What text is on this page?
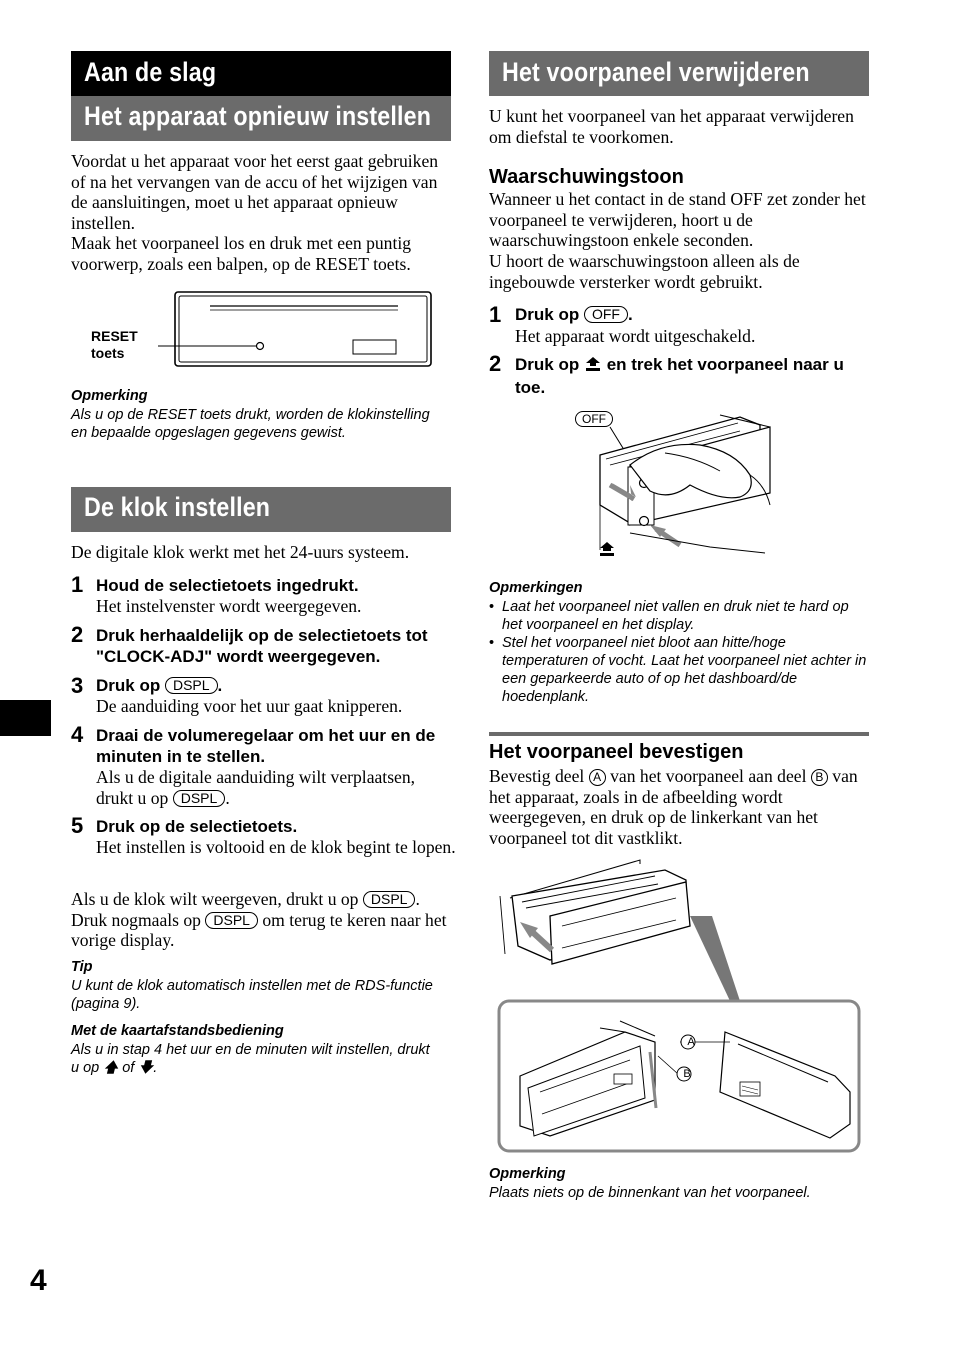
Aan de slag
Het apparaat opnieuw instellen
Voordat u het apparaat voor het eerst gaat gebruiken of na het vervangen van de accu of het wijzigen van de aansluitingen, moet u het apparaat opnieuw instellen.
Maak het voorpaneel los en druk met een puntig voorwerp, zoals een balpen, op de RESET toets.
RESET
toets
Opmerking
Als u op de RESET toets drukt, worden de klokinstelling en bepaalde opgeslagen gegevens gewist.
De klok instellen
De digitale klok werkt met het 24-uurs systeem.
1 Houd de selectietoets ingedrukt.
Het instelvenster wordt weergegeven.
2 Druk herhaaldelijk op de selectietoets tot "CLOCK-ADJ" wordt weergegeven.
3 Druk op DSPL .
De aanduiding voor het uur gaat knipperen.
4 Draai de volumeregelaar om het uur en de minuten in te stellen.
Als u de digitale aanduiding wilt verplaatsen, drukt u op DSPL .
5 Druk op de selectietoets.
Het instellen is voltooid en de klok begint te lopen.
Als u de klok wilt weergeven, drukt u op DSPL . Druk nogmaals op DSPL om terug te keren naar het vorige display.
Tip
U kunt de klok automatisch instellen met de RDS-functie (pagina 9).
Met de kaartafstandsbediening
Als u in stap 4 het uur en de minuten wilt instellen, drukt u op 🡅 of 🡇.
4
Het voorpaneel verwijderen
U kunt het voorpaneel van het apparaat verwijderen om diefstal te voorkomen.
Waarschuwingstoon
Wanneer u het contact in de stand OFF zet zonder het voorpaneel te verwijderen, hoort u de waarschuwingstoon enkele seconden.
U hoort de waarschuwingstoon alleen als de ingebouwde versterker wordt gebruikt.
1 Druk op OFF .
Het apparaat wordt uitgeschakeld.
2 Druk op en trek het voorpaneel naar u toe.
OFF
Opmerkingen
• Laat het voorpaneel niet vallen en druk niet te hard op het voorpaneel en het display.
• Stel het voorpaneel niet bloot aan hitte/hoge temperaturen of vocht. Laat het voorpaneel niet achter in een geparkeerde auto of op het dashboard/de hoedenplank.
Het voorpaneel bevestigen
Bevestig deel A van het voorpaneel aan deel B van het apparaat, zoals in de afbeelding wordt weergegeven, en druk op de linkerkant van het voorpaneel tot dit vastklikt.
A
B
Opmerking
Plaats niets op de binnenkant van het voorpaneel.
